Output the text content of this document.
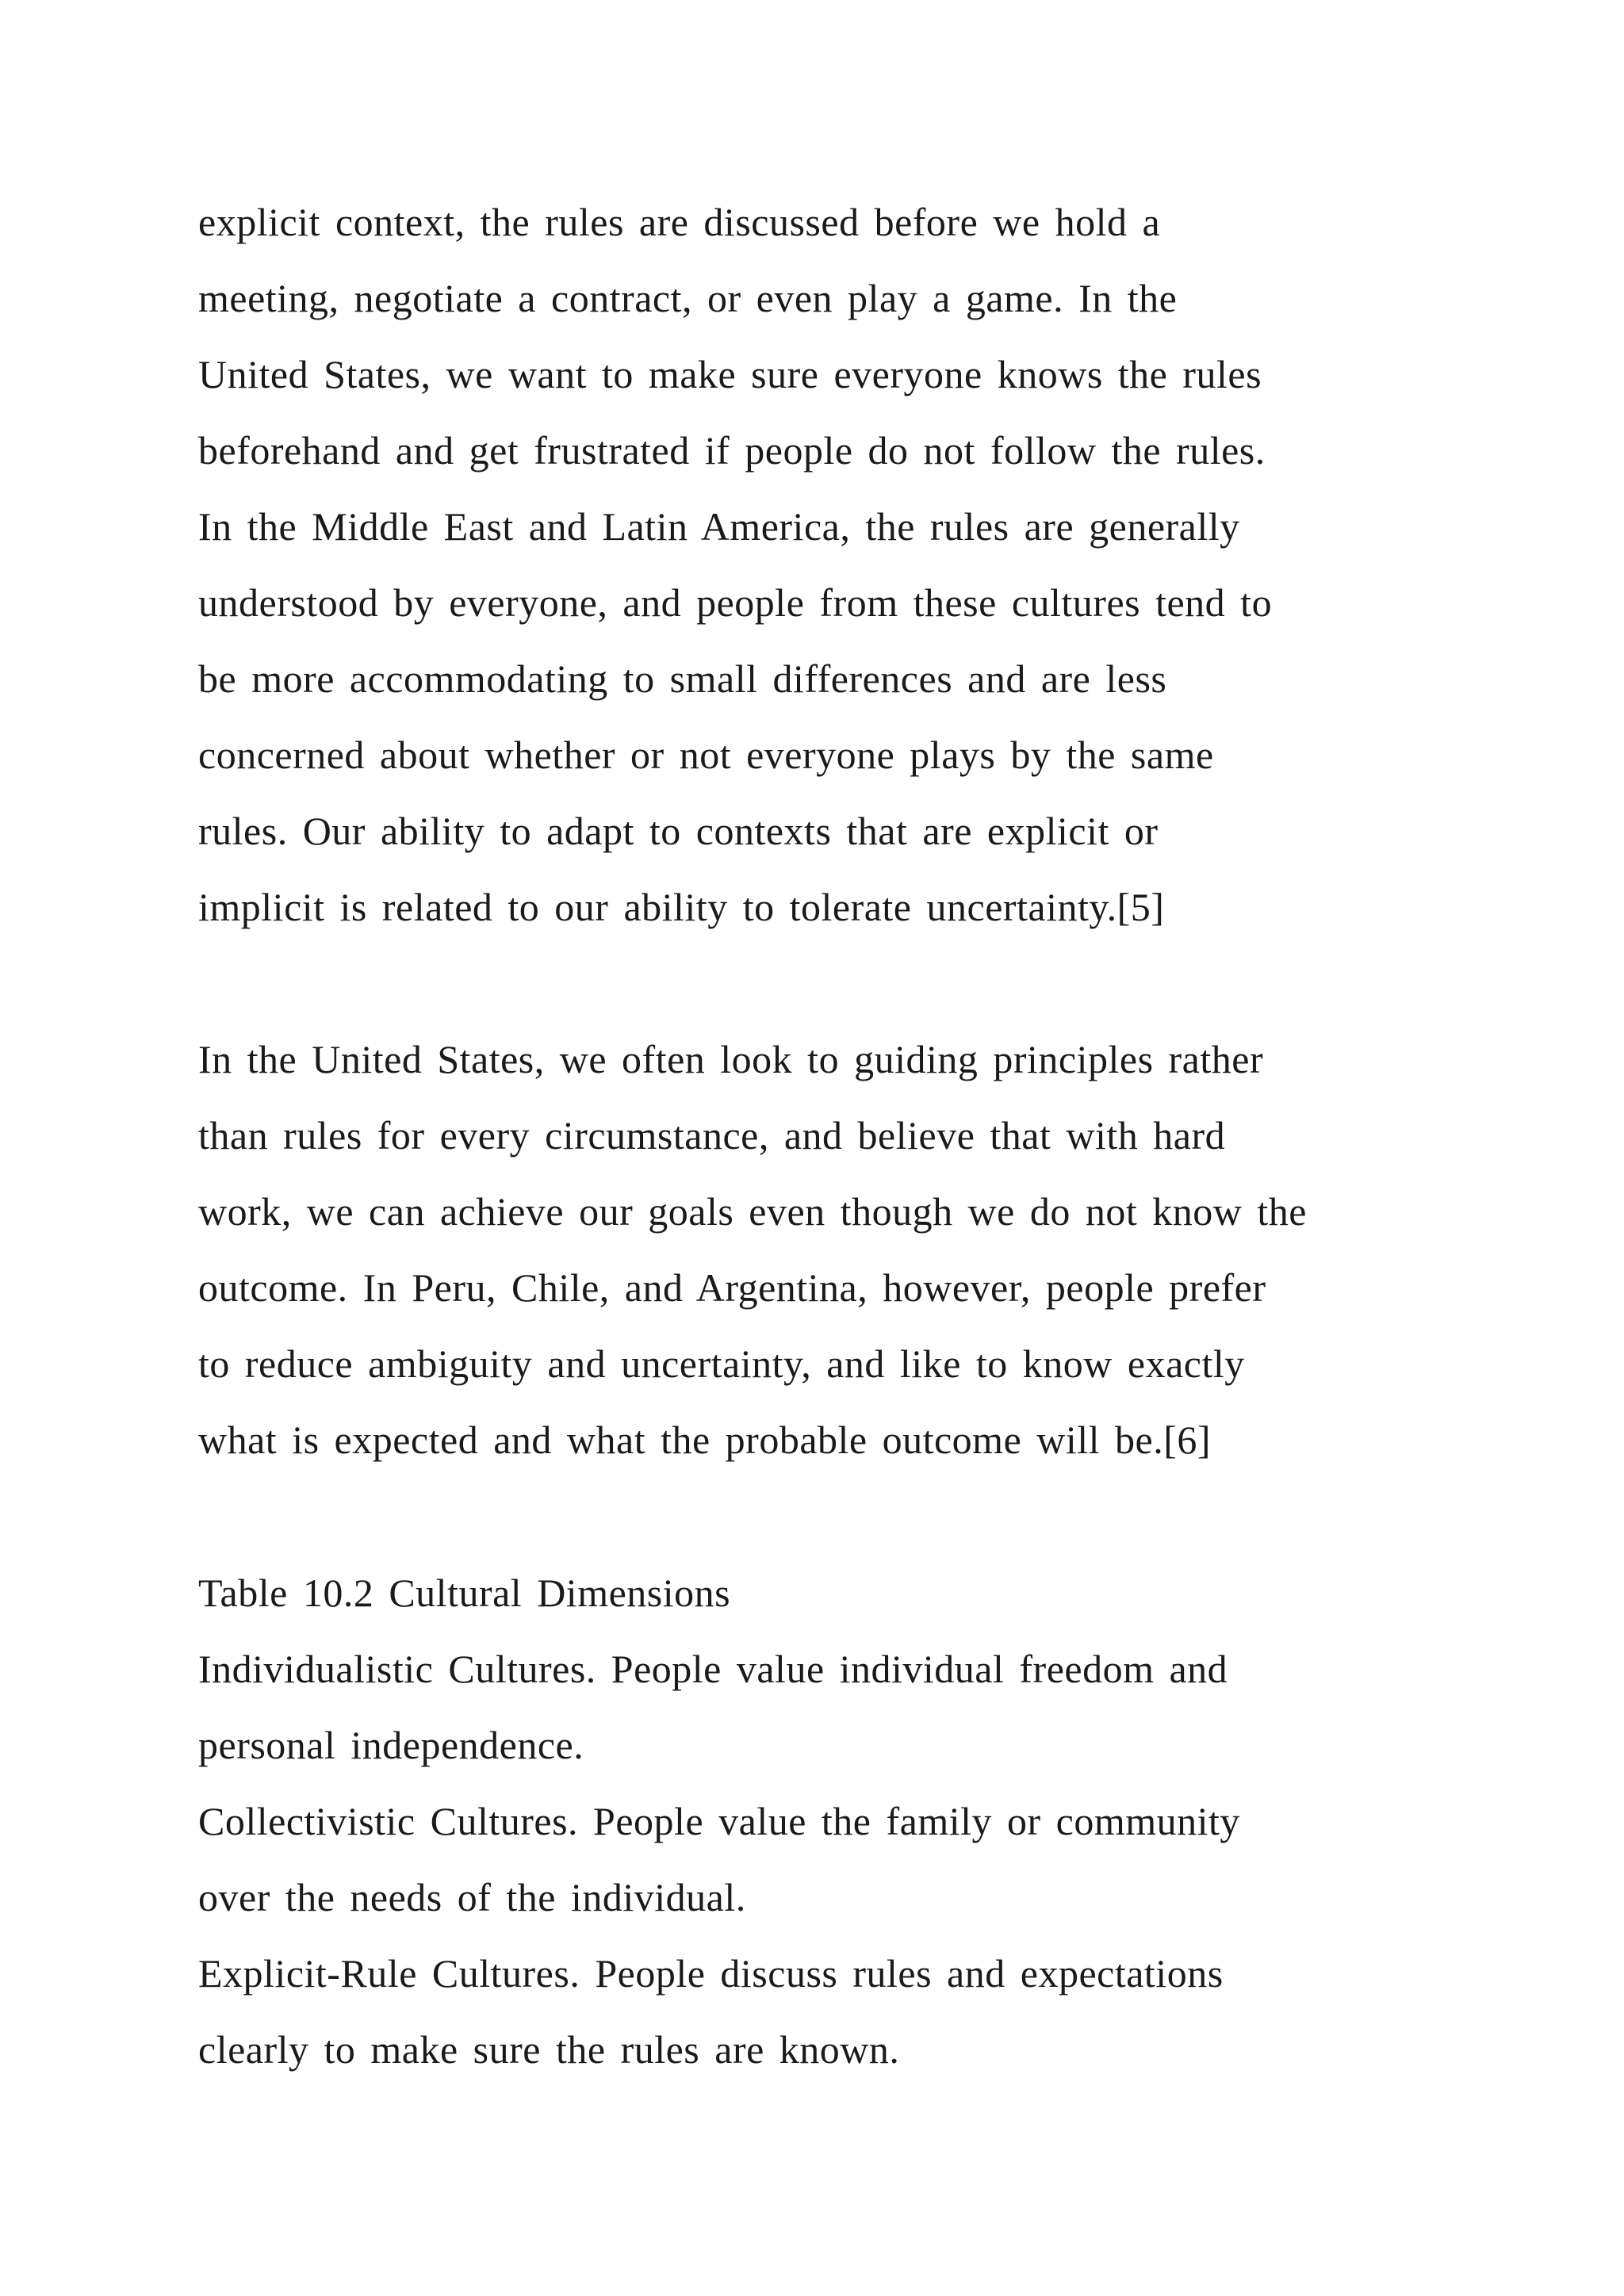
explicit context, the rules are discussed before we hold a
meeting, negotiate a contract, or even play a game. In the
United States, we want to make sure everyone knows the rules
beforehand and get frustrated if people do not follow the rules.
In the Middle East and Latin America, the rules are generally
understood by everyone, and people from these cultures tend to
be more accommodating to small differences and are less
concerned about whether or not everyone plays by the same
rules. Our ability to adapt to contexts that are explicit or
implicit is related to our ability to tolerate uncertainty.[5]
In the United States, we often look to guiding principles rather
than rules for every circumstance, and believe that with hard
work, we can achieve our goals even though we do not know the
outcome. In Peru, Chile, and Argentina, however, people prefer
to reduce ambiguity and uncertainty, and like to know exactly
what is expected and what the probable outcome will be.[6]
Table 10.2 Cultural Dimensions
Individualistic Cultures. People value individual freedom and
personal independence.
Collectivistic Cultures. People value the family or community
over the needs of the individual.
Explicit-Rule Cultures. People discuss rules and expectations
clearly to make sure the rules are known.
